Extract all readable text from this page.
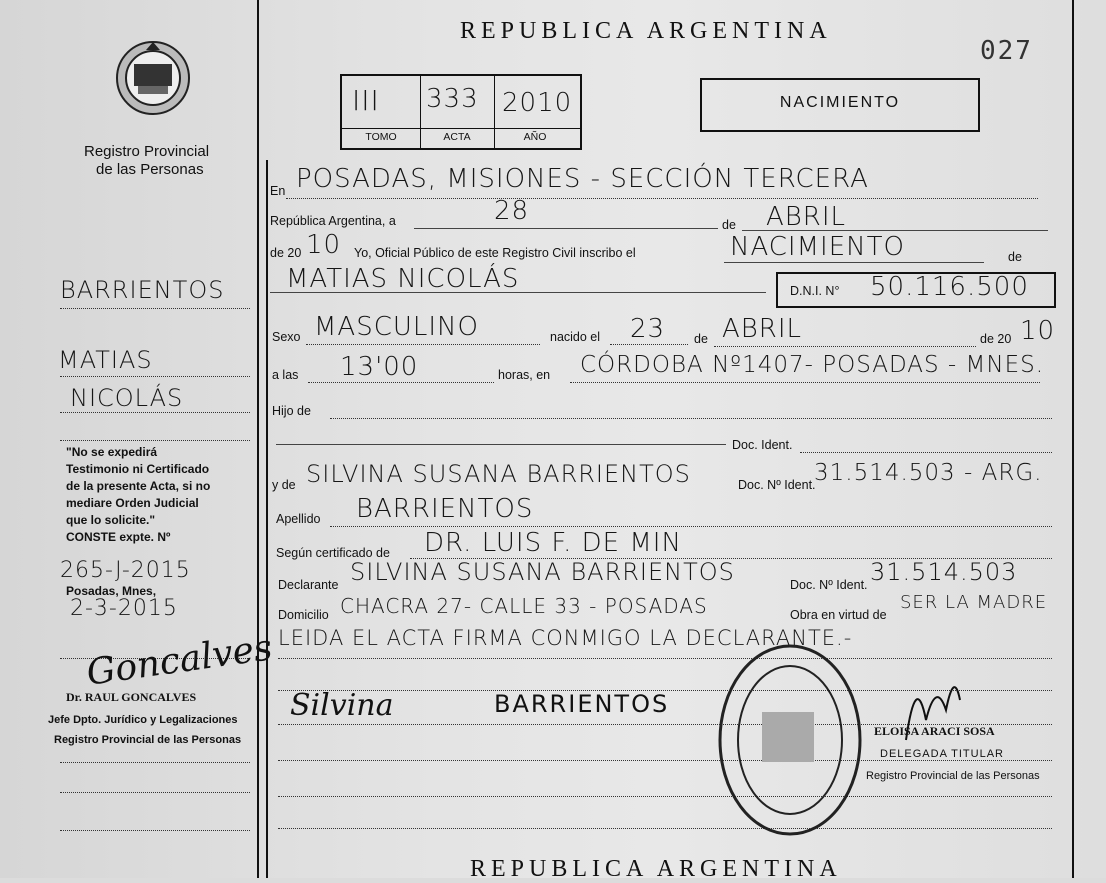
REPUBLICA ARGENTINA
027
Registro Provincial
de las Personas
III 333 2010
TOMO	ACTA	AÑO
NACIMIENTO
En POSADAS, MISIONES - SECCIÓN TERCERA
República Argentina, a	28	de ABRIL
de 20 10 Yo, Oficial Público de este Registro Civil inscribo el	NACIMIENTO	de
MATIAS NICOLÁS	D.N.I. N° 50.116.500
Sexo MASCULINO	nacido el 23 de ABRIL	de 20 10
a las 13'00	horas, en CÓRDOBA Nº1407- POSADAS - MNES.
Hijo de
Doc. Ident.
y de SILVINA SUSANA BARRIENTOS	Doc. Nº Ident.
31.514.503 - ARG.
Apellido BARRIENTOS
Según certificado de DR. LUIS F. DE MIN
Declarante SILVINA SUSANA BARRIENTOS	Doc. Nº Ident. 31.514.503
Domicilio CHACRA 27- CALLE 33 - POSADAS	Obra en virtud de
SER LA MADRE
LEIDA EL ACTA FIRMA CONMIGO LA DECLARANTE.-
Silvina	BARRIENTOS
ELOISA ARACI SOSA
DELEGADA TITULAR
Registro Provincial de las Personas
BARRIENTOS
MATIAS
NICOLÁS
"No se expedirá
Testimonio ni Certificado
de la presente Acta, si no
mediare Orden Judicial
que lo solicite."
CONSTE expte. Nº
265-J-2015
Posadas, Mnes,
2-3-2015
Goncalves
Dr. RAUL GONCALVES
Jefe Dpto. Jurídico y Legalizaciones
Registro Provincial de las Personas
REPUBLICA ARGENTINA
